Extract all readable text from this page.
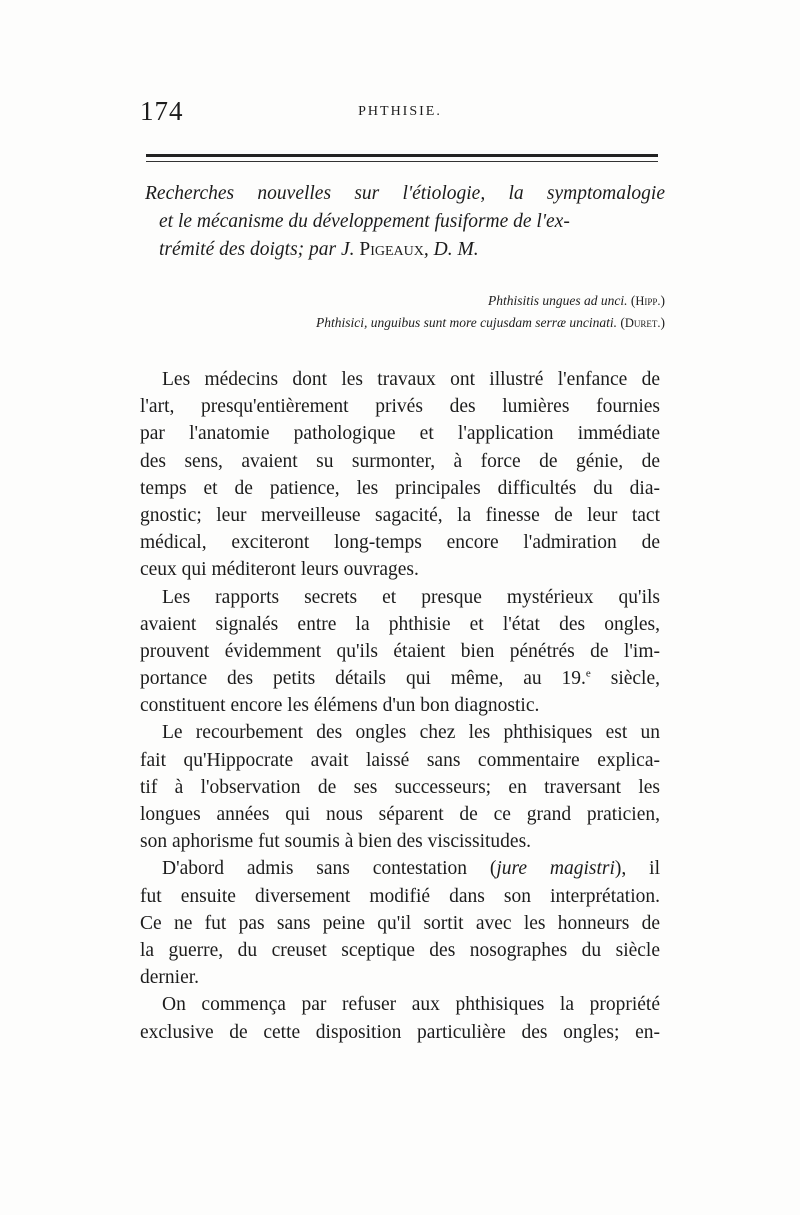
174	PHTHISIE.
Recherches nouvelles sur l'étiologie, la symptomalogie
et le mécanisme du développement fusiforme de l'ex-
trémité des doigts; par J. Pigeaux, D. M.
Phthisitis ungues ad unci. (Hipp.)
Phthisici, unguibus sunt more cujusdam serræ uncinati. (Duret.)
Les médecins dont les travaux ont illustré l'enfance de
l'art, presqu'entièrement privés des lumières fournies
par l'anatomie pathologique et l'application immédiate
des sens, avaient su surmonter, à force de génie, de
temps et de patience, les principales difficultés du dia-
gnostic; leur merveilleuse sagacité, la finesse de leur tact
médical, exciteront long-temps encore l'admiration de
ceux qui méditeront leurs ouvrages.
Les rapports secrets et presque mystérieux qu'ils
avaient signalés entre la phthisie et l'état des ongles,
prouvent évidemment qu'ils étaient bien pénétrés de l'im-
portance des petits détails qui même, au 19.$^e$ siècle,
constituent encore les élémens d'un bon diagnostic.
Le recourbement des ongles chez les phthisiques est un
fait qu'Hippocrate avait laissé sans commentaire explica-
tif à l'observation de ses successeurs; en traversant les
longues années qui nous séparent de ce grand praticien,
son aphorisme fut soumis à bien des viscissitudes.
D'abord admis sans contestation (jure magistri), il
fut ensuite diversement modifié dans son interprétation.
Ce ne fut pas sans peine qu'il sortit avec les honneurs de
la guerre, du creuset sceptique des nosographes du siècle
dernier.
On commença par refuser aux phthisiques la propriété
exclusive de cette disposition particulière des ongles; en-
